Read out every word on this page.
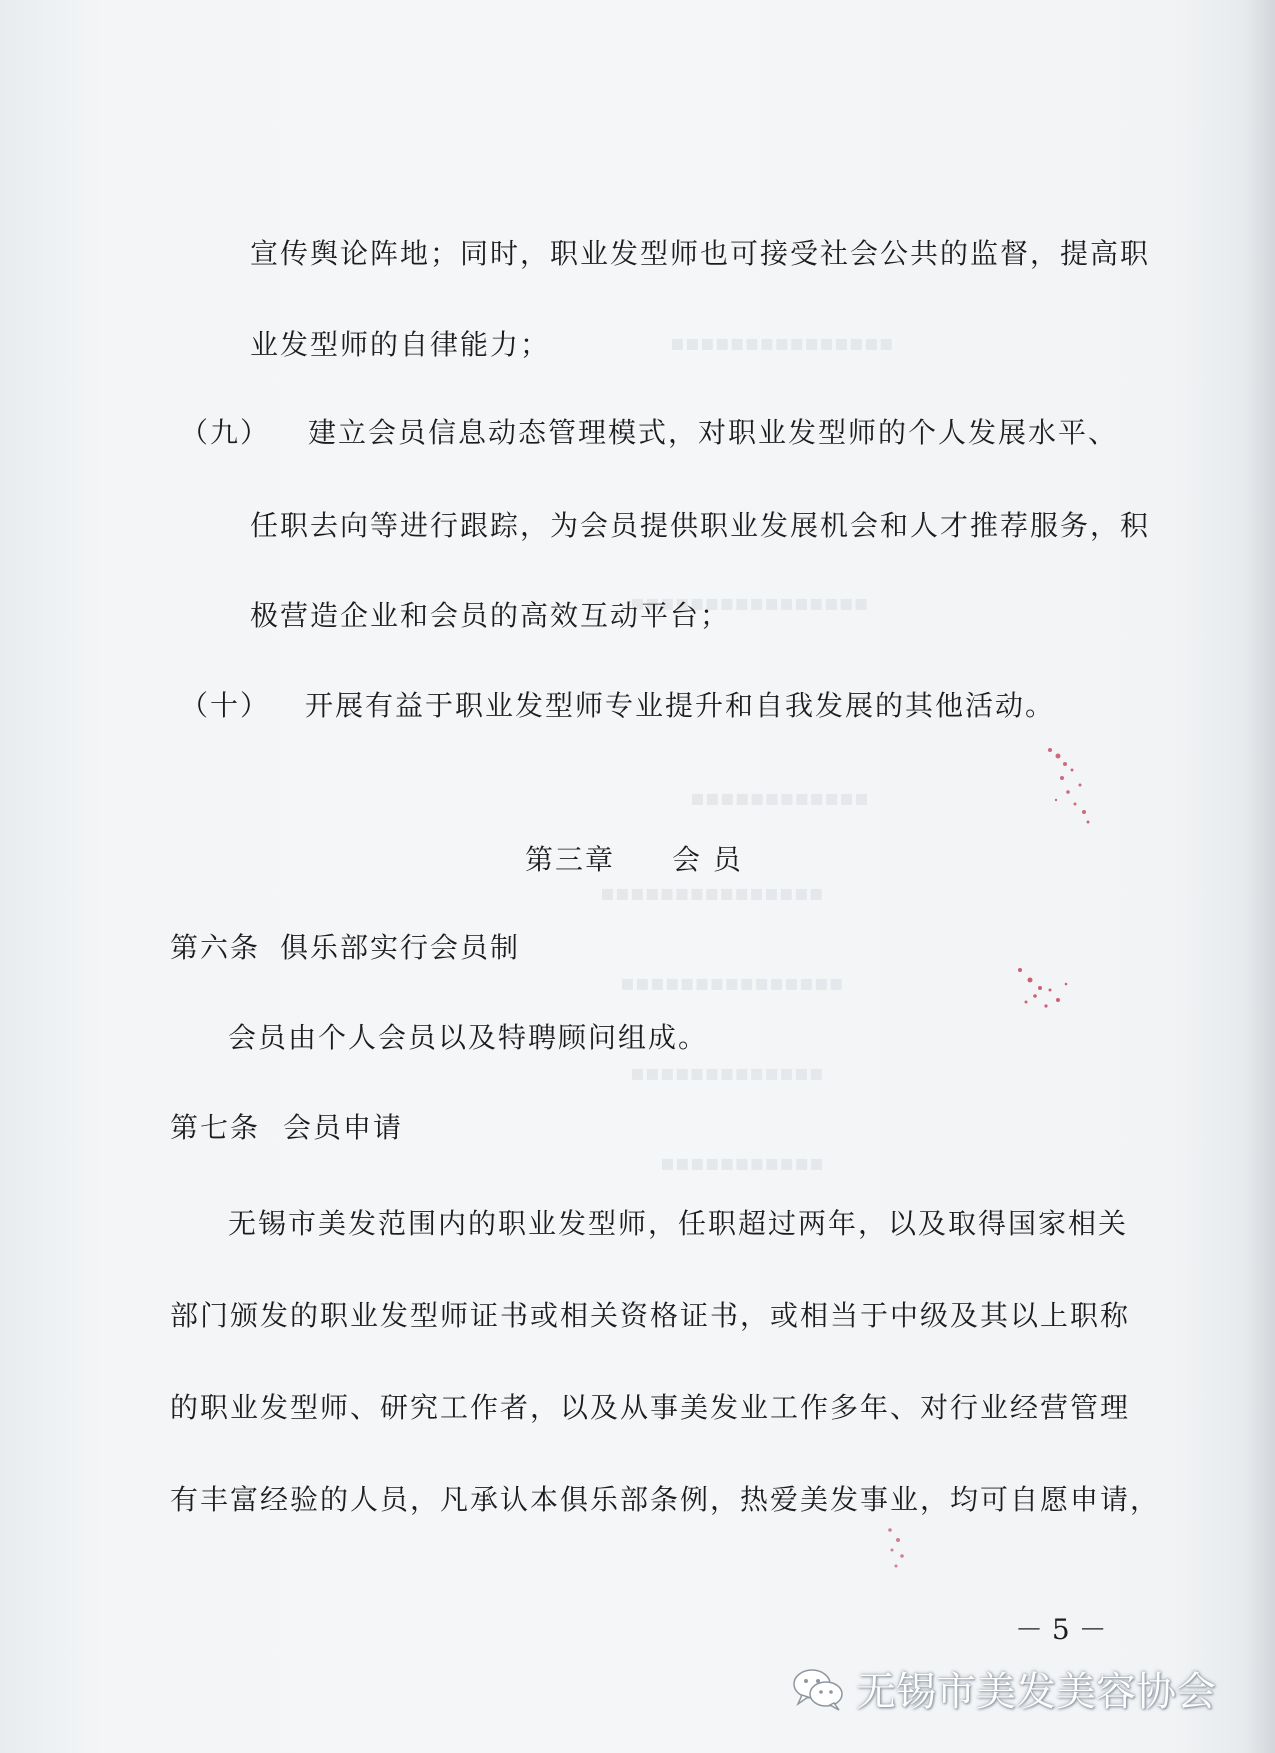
▪▪▪▪▪▪▪▪▪▪▪▪▪▪▪
▪▪▪▪▪▪▪▪▪▪▪▪▪▪▪▪
▪▪▪▪▪▪▪▪▪▪▪▪
▪▪▪▪▪▪▪▪▪▪▪▪▪▪▪
▪▪▪▪▪▪▪▪▪▪▪▪▪▪▪
▪▪▪▪▪▪▪▪▪▪▪▪▪
▪▪▪▪▪▪▪▪▪▪▪
宣传舆论阵地；同时，职业发型师也可接受社会公共的监督，提高职
业发型师的自律能力；
（九） 建立会员信息动态管理模式，对职业发型师的个人发展水平、
任职去向等进行跟踪，为会员提供职业发展机会和人才推荐服务，积
极营造企业和会员的高效互动平台；
（十） 开展有益于职业发型师专业提升和自我发展的其他活动。
第三章 会 员
第六条 俱乐部实行会员制
会员由个人会员以及特聘顾问组成。
第七条 会员申请
无锡市美发范围内的职业发型师，任职超过两年，以及取得国家相关
部门颁发的职业发型师证书或相关资格证书，或相当于中级及其以上职称
的职业发型师、研究工作者，以及从事美发业工作多年、对行业经营管理
有丰富经验的人员，凡承认本俱乐部条例，热爱美发事业，均可自愿申请，
－ 5 －
无锡市美发美容协会
